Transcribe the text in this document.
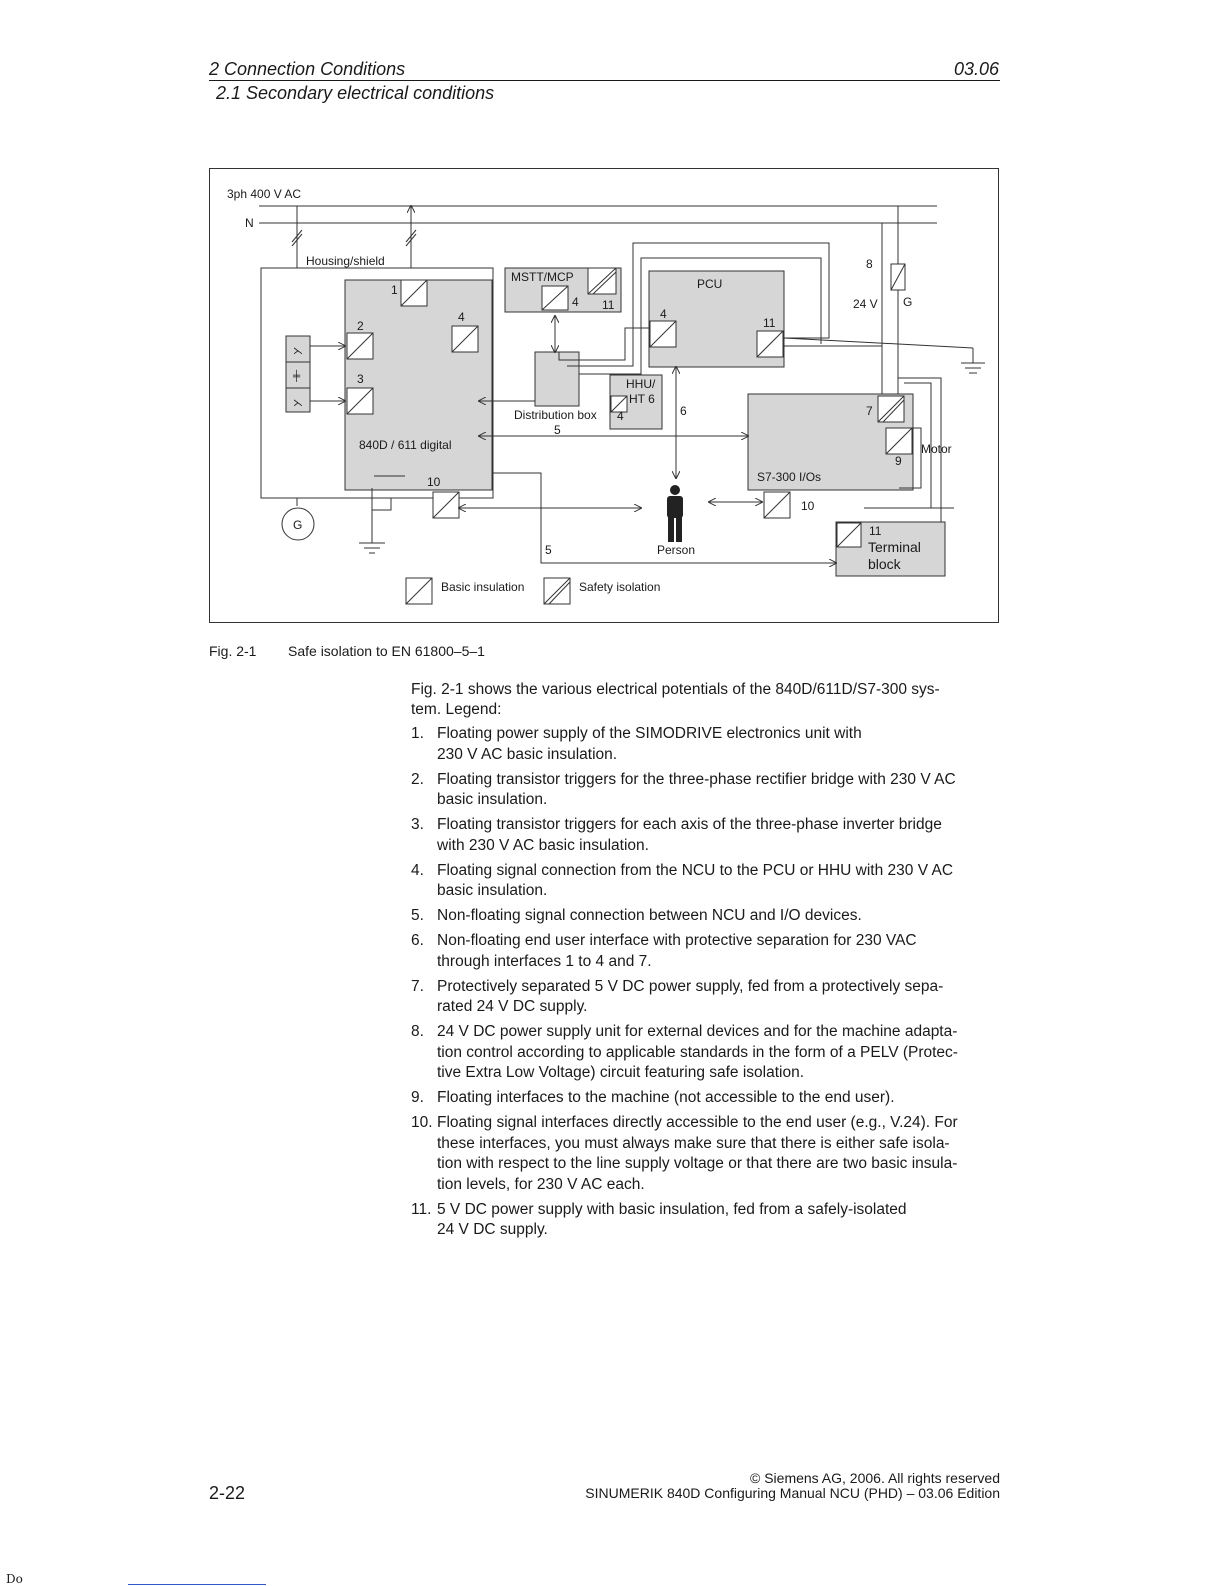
2 Connection Conditions	03.06
2.1 Secondary electrical conditions
3ph 400 V AC
N
Housing/shield
⋋
╪
⋋
G
840D / 611 digital
MSTT/MCP	PCU
Distribution box
HHU/
HT 6
24 V G
S7-300 I/Os
Motor
Terminal
block
Person
1
2
3
4
4
4
4
5
5
6	7
8
9
10
10
11
11
11
Basic insulation	Safety isolation
Fig. 2-1 Safe isolation to EN 61800–5–1
Fig. 2-1 shows the various electrical potentials of the 840D/611D/S7-300 sys-
tem. Legend:
1. Floating power supply of the SIMODRIVE electronics unit with
230 V AC basic insulation.
2. Floating transistor triggers for the three-phase rectifier bridge with 230 V AC
basic insulation.
3. Floating transistor triggers for each axis of the three-phase inverter bridge
with 230 V AC basic insulation.
4. Floating signal connection from the NCU to the PCU or HHU with 230 V AC
basic insulation.
5. Non-floating signal connection between NCU and I/O devices.
6. Non-floating end user interface with protective separation for 230 VAC
through interfaces 1 to 4 and 7.
7. Protectively separated 5 V DC power supply, fed from a protectively sepa-
rated 24 V DC supply.
8. 24 V DC power supply unit for external devices and for the machine adapta-
tion control according to applicable standards in the form of a PELV (Protec-
tive Extra Low Voltage) circuit featuring safe isolation.
9. Floating interfaces to the machine (not accessible to the end user).
10. Floating signal interfaces directly accessible to the end user (e.g., V.24). For
these interfaces, you must always make sure that there is either safe isola-
tion with respect to the line supply voltage or that there are two basic insula-
tion levels, for 230 V AC each.
11. 5 V DC power supply with basic insulation, fed from a safely-isolated
24 V DC supply.
© Siemens AG, 2006. All rights reserved
SINUMERIK 840D Configuring Manual NCU (PHD) – 03.06 Edition
2-22
Do
